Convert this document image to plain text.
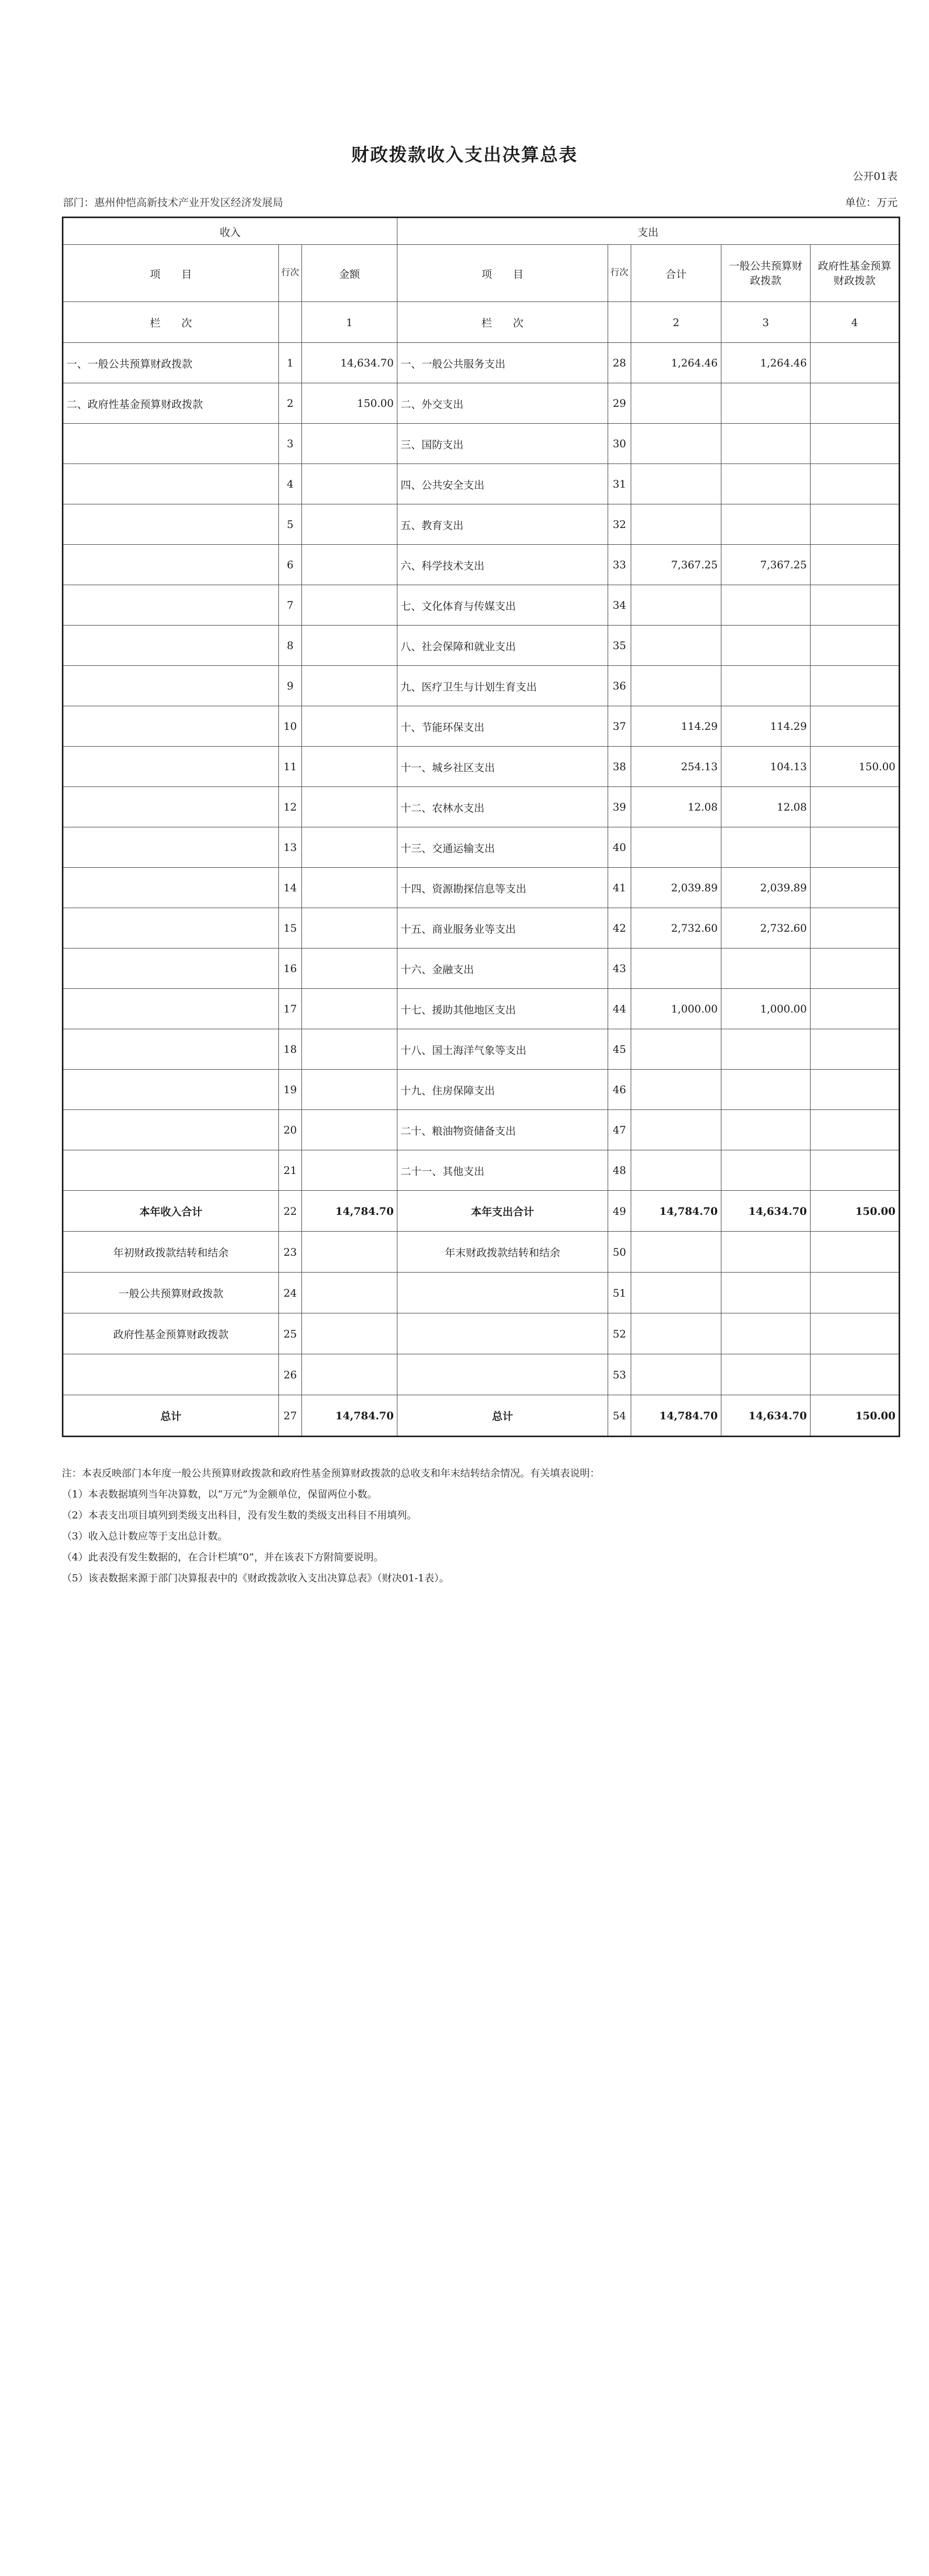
财政拨款收入支出决算总表
公开01表
部门：惠州仲恺高新技术产业开发区经济发展局	单位：万元
收入			支出				
项　　目	行次	金额	项　　目	行次	合计	一般公共预算财政拨款	政府性基金预算财政拨款
栏　　次		1	栏　　次		2	3	4
一、一般公共预算财政拨款	1	14,634.70	一、一般公共服务支出	28	1,264.46	1,264.46	
二、政府性基金预算财政拨款	2	150.00	二、外交支出	29			
	3		三、国防支出	30			
	4		四、公共安全支出	31			
	5		五、教育支出	32			
	6		六、科学技术支出	33	7,367.25	7,367.25	
	7		七、文化体育与传媒支出	34			
	8		八、社会保障和就业支出	35			
	9		九、医疗卫生与计划生育支出	36			
	10		十、节能环保支出	37	114.29	114.29	
	11		十一、城乡社区支出	38	254.13	104.13	150.00
	12		十二、农林水支出	39	12.08	12.08	
	13		十三、交通运输支出	40			
	14		十四、资源勘探信息等支出	41	2,039.89	2,039.89	
	15		十五、商业服务业等支出	42	2,732.60	2,732.60	
	16		十六、金融支出	43			
	17		十七、援助其他地区支出	44	1,000.00	1,000.00	
	18		十八、国土海洋气象等支出	45			
	19		十九、住房保障支出	46			
	20		二十、粮油物资储备支出	47			
	21		二十一、其他支出	48			
本年收入合计	22	14,784.70	本年支出合计	49	14,784.70	14,634.70	150.00
年初财政拨款结转和结余	23		年末财政拨款结转和结余	50			
一般公共预算财政拨款	24			51			
政府性基金预算财政拨款	25			52			
	26			53			
总计	27	14,784.70	总计	54	14,784.70	14,634.70	150.00
注：本表反映部门本年度一般公共预算财政拨款和政府性基金预算财政拨款的总收支和年末结转结余情况。有关填表说明：
（1）本表数据填列当年决算数，以“万元”为金额单位，保留两位小数。
（2）本表支出项目填列到类级支出科目，没有发生数的类级支出科目不用填列。
（3）收入总计数应等于支出总计数。
（4）此表没有发生数据的，在合计栏填“0”，并在该表下方附简要说明。
（5）该表数据来源于部门决算报表中的《财政拨款收入支出决算总表》（财决01-1表）。
